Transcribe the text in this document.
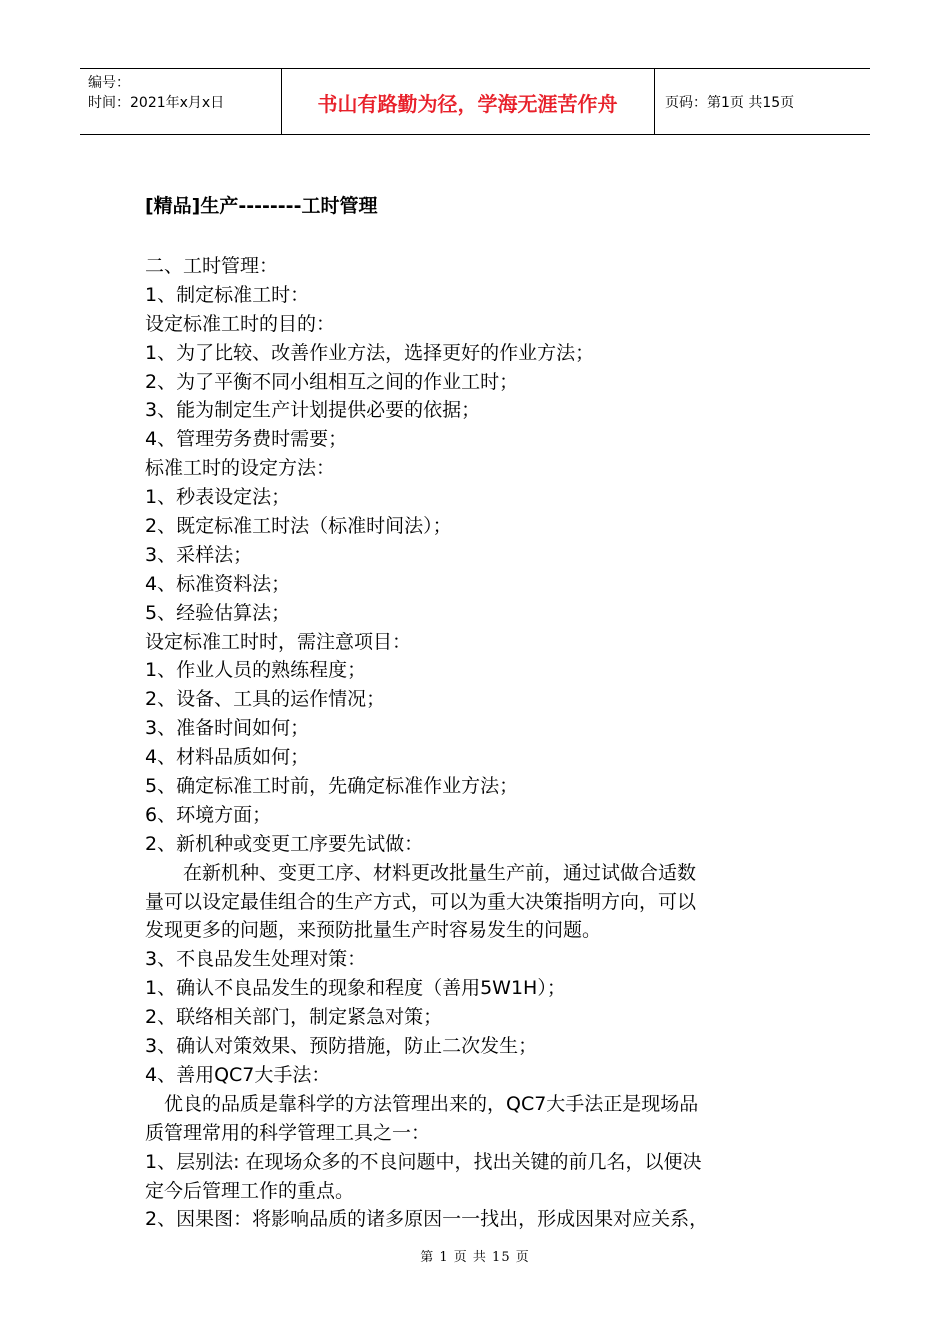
编号：
时间：2021年x月x日	书山有路勤为径，学海无涯苦作舟	页码：第1页 共15页
[精品]生产--------工时管理
二、工时管理：
1、制定标准工时：
设定标准工时的目的：
1、为了比较、改善作业方法，选择更好的作业方法；
2、为了平衡不同小组相互之间的作业工时；
3、能为制定生产计划提供必要的依据；
4、管理劳务费时需要；
标准工时的设定方法：
1、秒表设定法；
2、既定标准工时法（标准时间法）；
3、采样法；
4、标准资料法；
5、经验估算法；
设定标准工时时，需注意项目：
1、作业人员的熟练程度；
2、设备、工具的运作情况；
3、准备时间如何；
4、材料品质如何；
5、确定标准工时前，先确定标准作业方法；
6、环境方面；
2、新机种或变更工序要先试做：
　　在新机种、变更工序、材料更改批量生产前，通过试做合适数
量可以设定最佳组合的生产方式，可以为重大决策指明方向，可以
发现更多的问题，来预防批量生产时容易发生的问题。
3、不良品发生处理对策：
1、确认不良品发生的现象和程度（善用5W1H）；
2、联络相关部门，制定紧急对策；
3、确认对策效果、预防措施，防止二次发生；
4、善用QC7大手法：
　优良的品质是靠科学的方法管理出来的，QC7大手法正是现场品
质管理常用的科学管理工具之一：
1、层别法: 在现场众多的不良问题中，找出关键的前几名，以便决
定今后管理工作的重点。
2、因果图：将影响品质的诸多原因一一找出，形成因果对应关系，
第 1 页 共 15 页
